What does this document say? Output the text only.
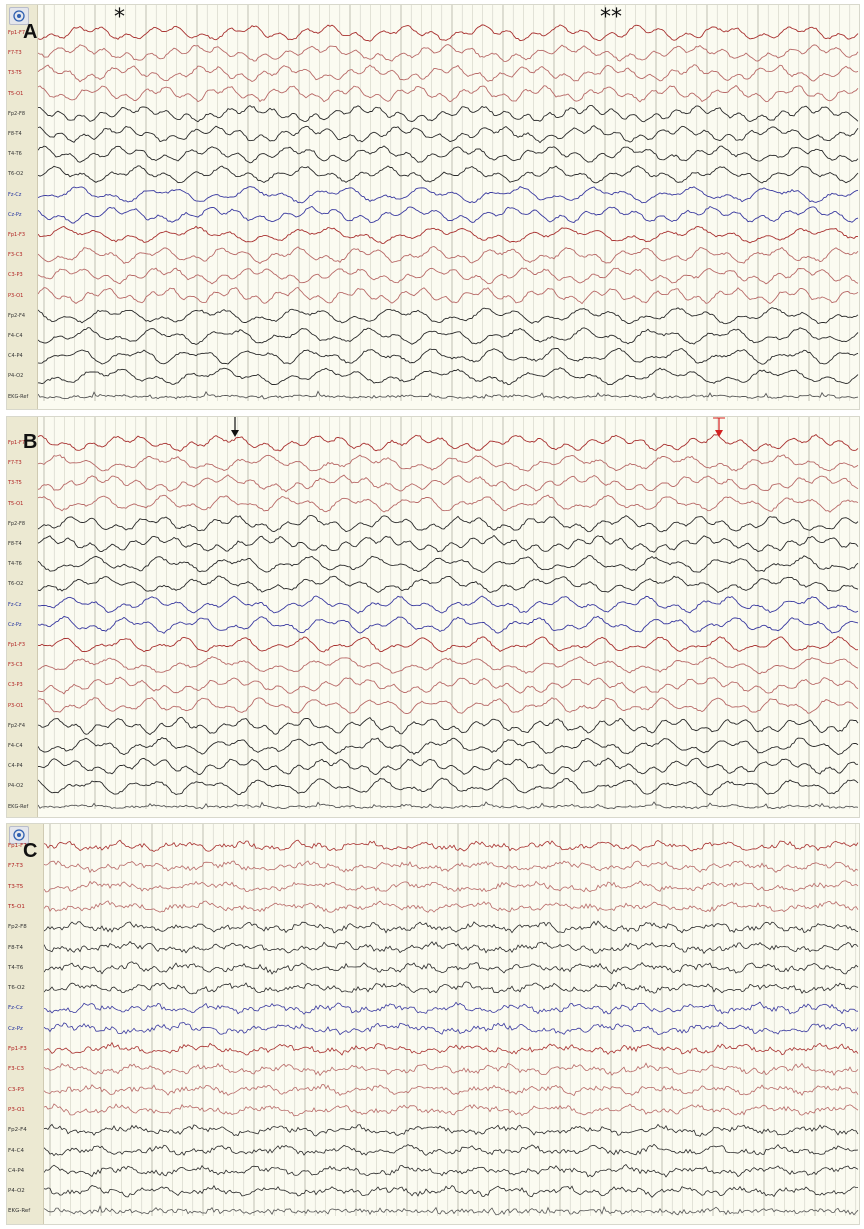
Fp1-F7
F7-T3
T3-T5
T5-O1
Fp2-F8
F8-T4
T4-T6
T6-O2
Fz-Cz
Cz-Pz
Fp1-F3
F3-C3
C3-P3
P3-O1
Fp2-F4
F4-C4
C4-P4
P4-O2
EKG-Ref
A
*	**
Fp1-F7
F7-T3
T3-T5
T5-O1
Fp2-F8
F8-T4
T4-T6
T6-O2
Fz-Cz
Cz-Pz
Fp1-F3
F3-C3
C3-P3
P3-O1
Fp2-F4
F4-C4
C4-P4
P4-O2
EKG-Ref
B
Fp1-F7
F7-T3
T3-T5
T5-O1
Fp2-F8
F8-T4
T4-T6
T6-O2
Fz-Cz
Cz-Pz
Fp1-F3
F3-C3
C3-P3
P3-O1
Fp2-F4
F4-C4
C4-P4
P4-O2
EKG-Ref
C
